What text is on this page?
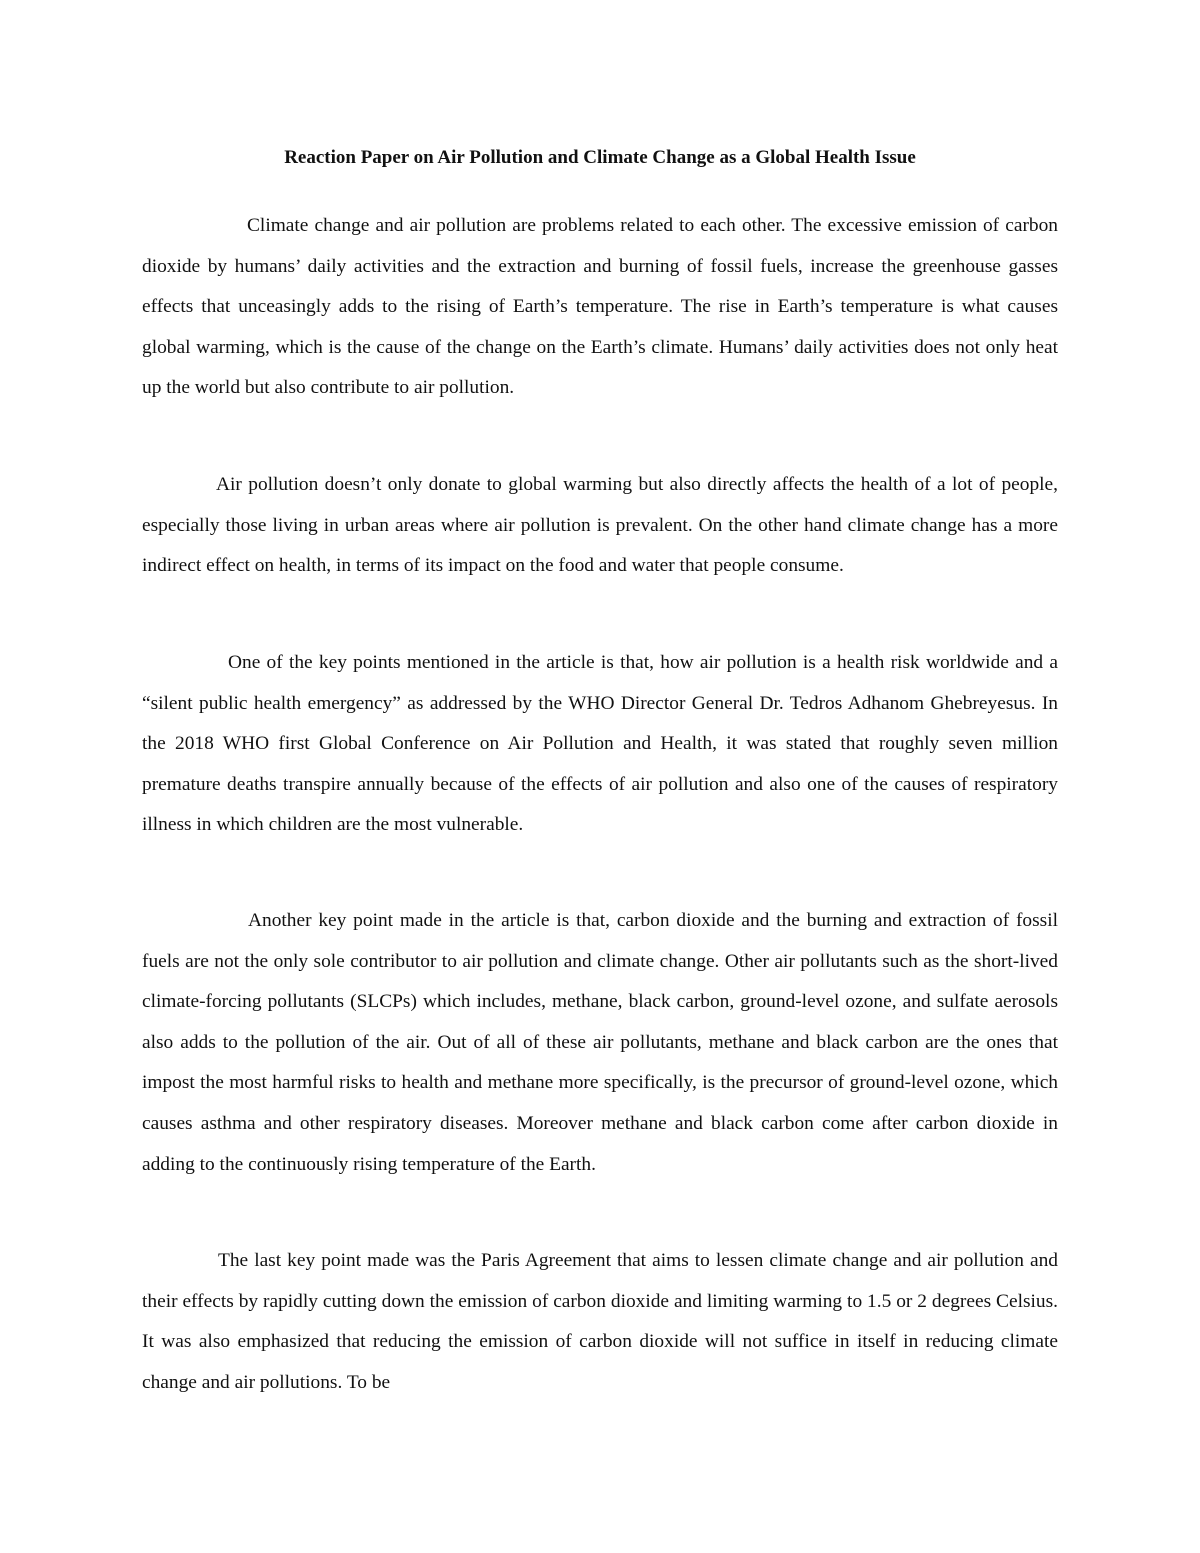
Reaction Paper on Air Pollution and Climate Change as a Global Health Issue

Climate change and air pollution are problems related to each other. The excessive emission of carbon dioxide by humans’ daily activities and the extraction and burning of fossil fuels, increase the greenhouse gasses effects that unceasingly adds to the rising of Earth’s temperature. The rise in Earth’s temperature is what causes global warming, which is the cause of the change on the Earth’s climate. Humans’ daily activities does not only heat up the world but also contribute to air pollution.

Air pollution doesn’t only donate to global warming but also directly affects the health of a lot of people, especially those living in urban areas where air pollution is prevalent. On the other hand climate change has a more indirect effect on health, in terms of its impact on the food and water that people consume.

One of the key points mentioned in the article is that, how air pollution is a health risk worldwide and a “silent public health emergency” as addressed by the WHO Director General Dr. Tedros Adhanom Ghebreyesus. In the 2018 WHO first Global Conference on Air Pollution and Health, it was stated that roughly seven million premature deaths transpire annually because of the effects of air pollution and also one of the causes of respiratory illness in which children are the most vulnerable.

Another key point made in the article is that, carbon dioxide and the burning and extraction of fossil fuels are not the only sole contributor to air pollution and climate change. Other air pollutants such as the short-lived climate-forcing pollutants (SLCPs) which includes, methane, black carbon, ground-level ozone, and sulfate aerosols also adds to the pollution of the air. Out of all of these air pollutants, methane and black carbon are the ones that impost the most harmful risks to health and methane more specifically, is the precursor of ground-level ozone, which causes asthma and other respiratory diseases. Moreover methane and black carbon come after carbon dioxide in adding to the continuously rising temperature of the Earth.

The last key point made was the Paris Agreement that aims to lessen climate change and air pollution and their effects by rapidly cutting down the emission of carbon dioxide and limiting warming to 1.5 or 2 degrees Celsius. It was also emphasized that reducing the emission of carbon dioxide will not suffice in itself in reducing climate change and air pollutions. To be
